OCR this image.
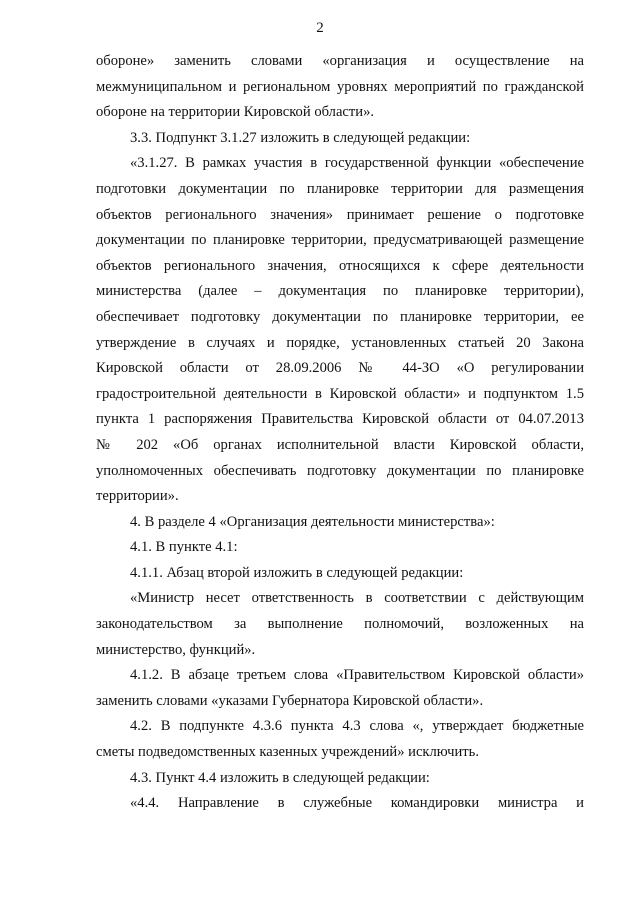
2
обороне» заменить словами «организация и осуществление на
межмуниципальном и региональном уровнях мероприятий по гражданской
обороне на территории Кировской области».
3.3. Подпункт 3.1.27 изложить в следующей редакции:
«3.1.27. В рамках участия в государственной функции «обеспечение
подготовки документации по планировке территории для размещения
объектов регионального значения» принимает решение о подготовке
документации по планировке территории, предусматривающей размещение
объектов регионального значения, относящихся к сфере деятельности
министерства (далее – документация по планировке территории),
обеспечивает подготовку документации по планировке территории, ее
утверждение в случаях и порядке, установленных статьей 20 Закона
Кировской области от 28.09.2006 № 44-ЗО «О регулировании
градостроительной деятельности в Кировской области» и подпунктом 1.5
пункта 1 распоряжения Правительства Кировской области от 04.07.2013
№ 202 «Об органах исполнительной власти Кировской области,
уполномоченных обеспечивать подготовку документации по планировке
территории».
4. В разделе 4 «Организация деятельности министерства»:
4.1. В пункте 4.1:
4.1.1. Абзац второй изложить в следующей редакции:
«Министр несет ответственность в соответствии с действующим
законодательством за выполнение полномочий, возложенных на
министерство, функций».
4.1.2. В абзаце третьем слова «Правительством Кировской области»
заменить словами «указами Губернатора Кировской области».
4.2. В подпункте 4.3.6 пункта 4.3 слова «, утверждает бюджетные
сметы подведомственных казенных учреждений» исключить.
4.3. Пункт 4.4 изложить в следующей редакции:
«4.4. Направление в служебные командировки министра и
